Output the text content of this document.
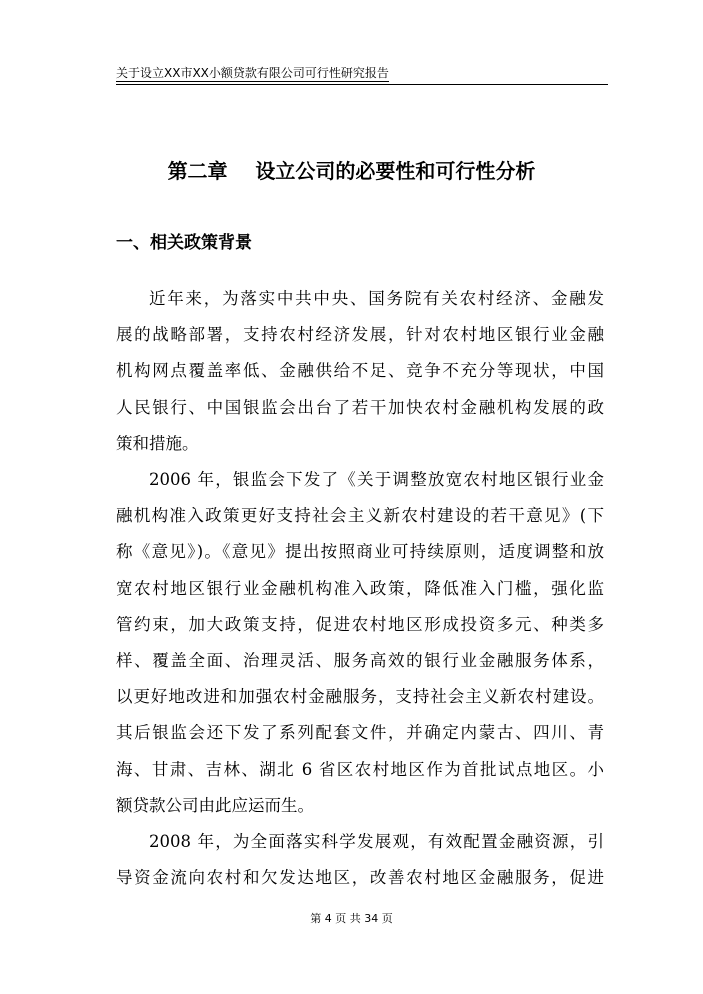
关于设立XX市XX小额贷款有限公司可行性研究报告
第二章    设立公司的必要性和可行性分析
一、相关政策背景
近年来，为落实中共中央、国务院有关农村经济、金融发
展的战略部署，支持农村经济发展，针对农村地区银行业金融
机构网点覆盖率低、金融供给不足、竞争不充分等现状，中国
人民银行、中国银监会出台了若干加快农村金融机构发展的政
策和措施。
2006 年，银监会下发了《关于调整放宽农村地区银行业金
融机构准入政策更好支持社会主义新农村建设的若干意见》(下
称《意见》)。《意见》提出按照商业可持续原则，适度调整和放
宽农村地区银行业金融机构准入政策，降低准入门槛，强化监
管约束，加大政策支持，促进农村地区形成投资多元、种类多
样、覆盖全面、治理灵活、服务高效的银行业金融服务体系，
以更好地改进和加强农村金融服务，支持社会主义新农村建设。
其后银监会还下发了系列配套文件，并确定内蒙古、四川、青
海、甘肃、吉林、湖北 6 省区农村地区作为首批试点地区。小
额贷款公司由此应运而生。
2008 年，为全面落实科学发展观，有效配置金融资源，引
导资金流向农村和欠发达地区，改善农村地区金融服务，促进
第 4 页 共 34 页
